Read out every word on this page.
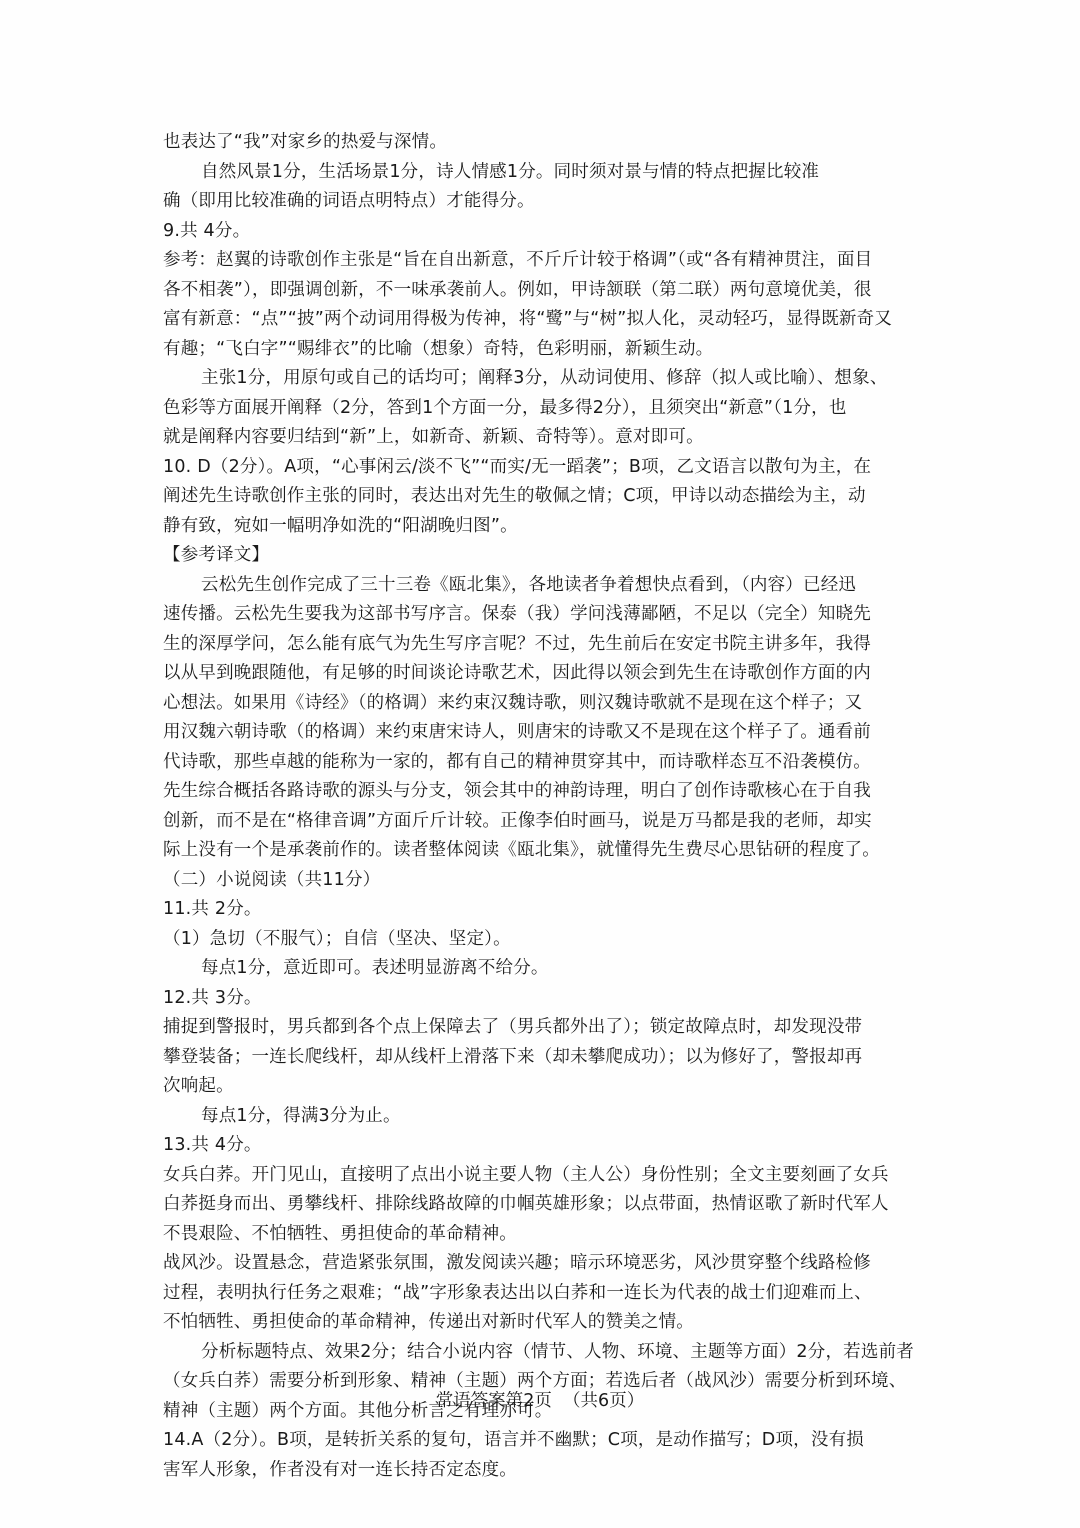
也表达了“我”对家乡的热爱与深情。
自然风景1分，生活场景1分，诗人情感1分。同时须对景与情的特点把握比较准
确（即用比较准确的词语点明特点）才能得分。
9.共 4分。
参考：赵翼的诗歌创作主张是“旨在自出新意，不斤斤计较于格调”（或“各有精神贯注，面目
各不相袭”），即强调创新，不一味承袭前人。例如，甲诗颔联（第二联）两句意境优美，很
富有新意：“点”“披”两个动词用得极为传神，将“鹭”与“树”拟人化，灵动轻巧，显得既新奇又
有趣；“飞白字”“赐绯衣”的比喻（想象）奇特，色彩明丽，新颖生动。
主张1分，用原句或自己的话均可；阐释3分，从动词使用、修辞（拟人或比喻）、想象、
色彩等方面展开阐释（2分，答到1个方面一分，最多得2分），且须突出“新意”（1分，也
就是阐释内容要归结到“新”上，如新奇、新颖、奇特等）。意对即可。
10. D（2分）。A项，“心事闲云/淡不飞”“而实/无一蹈袭”；B项，乙文语言以散句为主，在
阐述先生诗歌创作主张的同时，表达出对先生的敬佩之情；C项，甲诗以动态描绘为主，动
静有致，宛如一幅明净如洗的“阳湖晚归图”。
【参考译文】
云松先生创作完成了三十三卷《瓯北集》，各地读者争着想快点看到，（内容）已经迅
速传播。云松先生要我为这部书写序言。保泰（我）学问浅薄鄙陋，不足以（完全）知晓先
生的深厚学问，怎么能有底气为先生写序言呢？不过，先生前后在安定书院主讲多年，我得
以从早到晚跟随他，有足够的时间谈论诗歌艺术，因此得以领会到先生在诗歌创作方面的内
心想法。如果用《诗经》（的格调）来约束汉魏诗歌，则汉魏诗歌就不是现在这个样子；又
用汉魏六朝诗歌（的格调）来约束唐宋诗人，则唐宋的诗歌又不是现在这个样子了。通看前
代诗歌，那些卓越的能称为一家的，都有自己的精神贯穿其中，而诗歌样态互不沿袭模仿。
先生综合概括各路诗歌的源头与分支，领会其中的神韵诗理，明白了创作诗歌核心在于自我
创新，而不是在“格律音调”方面斤斤计较。正像李伯时画马，说是万马都是我的老师，却实
际上没有一个是承袭前作的。读者整体阅读《瓯北集》，就懂得先生费尽心思钻研的程度了。
（二）小说阅读（共11分）
11.共 2分。
（1）急切（不服气）；自信（坚决、坚定）。
每点1分，意近即可。表述明显游离不给分。
12.共 3分。
捕捉到警报时，男兵都到各个点上保障去了（男兵都外出了）；锁定故障点时，却发现没带
攀登装备；一连长爬线杆，却从线杆上滑落下来（却未攀爬成功）；以为修好了，警报却再
次响起。
每点1分，得满3分为止。
13.共 4分。
女兵白荞。开门见山，直接明了点出小说主要人物（主人公）身份性别；全文主要刻画了女兵
白荞挺身而出、勇攀线杆、排除线路故障的巾帼英雄形象；以点带面，热情讴歌了新时代军人
不畏艰险、不怕牺牲、勇担使命的革命精神。
战风沙。设置悬念，营造紧张氛围，激发阅读兴趣；暗示环境恶劣，风沙贯穿整个线路检修
过程，表明执行任务之艰难；“战”字形象表达出以白荞和一连长为代表的战士们迎难而上、
不怕牺牲、勇担使命的革命精神，传递出对新时代军人的赞美之情。
分析标题特点、效果2分；结合小说内容（情节、人物、环境、主题等方面）2分，若选前者
（女兵白荞）需要分析到形象、精神（主题）两个方面；若选后者（战风沙）需要分析到环境、
精神（主题）两个方面。其他分析言之有理亦可。
14.A（2分）。B项，是转折关系的复句，语言并不幽默；C项，是动作描写；D项，没有损
害军人形象，作者没有对一连长持否定态度。
常语答案第2页  （共6页）
